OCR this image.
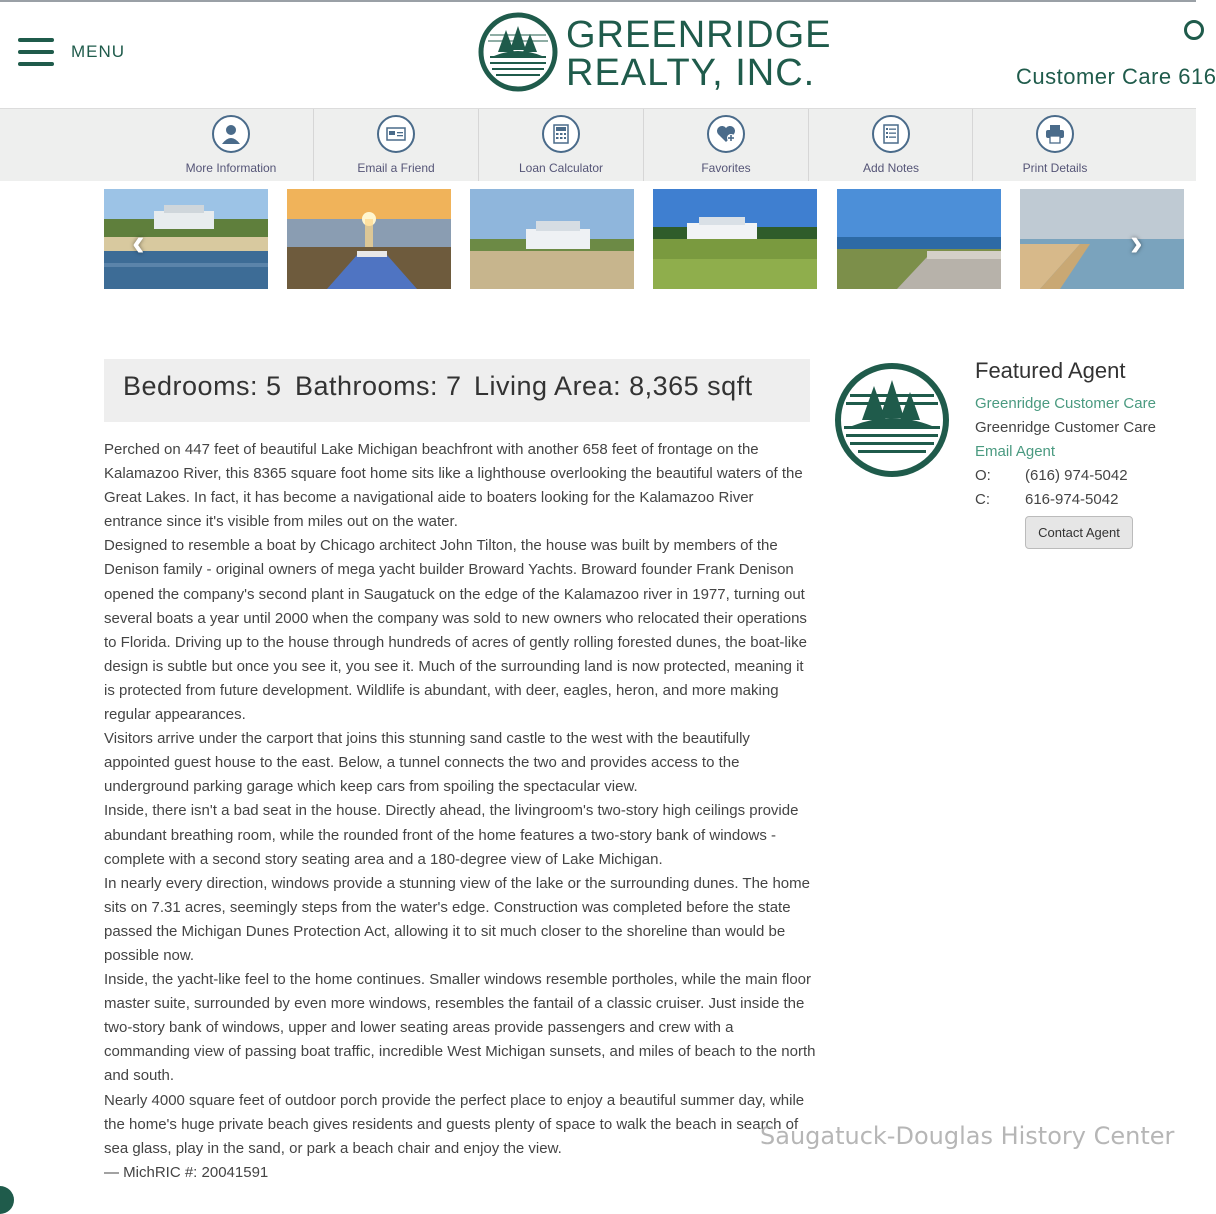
MENU	GREENRIDGE
REALTY, INC.	Customer Care 616
More Information	Email a Friend	Loan Calculator	Favorites	Add Notes	Print Details
‹	›
Bedrooms: 5 Bathrooms: 7 Living Area: 8,365 sqft

Perched on 447 feet of beautiful Lake Michigan beachfront with another 658 feet of frontage on the Kalamazoo River, this 8365 square foot home sits like a lighthouse overlooking the beautiful waters of the Great Lakes. In fact, it has become a navigational aide to boaters looking for the Kalamazoo River entrance since it's visible from miles out on the water.

Designed to resemble a boat by Chicago architect John Tilton, the house was built by members of the Denison family - original owners of mega yacht builder Broward Yachts. Broward founder Frank Denison opened the company's second plant in Saugatuck on the edge of the Kalamazoo river in 1977, turning out several boats a year until 2000 when the company was sold to new owners who relocated their operations to Florida. Driving up to the house through hundreds of acres of gently rolling forested dunes, the boat-like design is subtle but once you see it, you see it. Much of the surrounding land is now protected, meaning it is protected from future development. Wildlife is abundant, with deer, eagles, heron, and more making regular appearances.

Visitors arrive under the carport that joins this stunning sand castle to the west with the beautifully appointed guest house to the east. Below, a tunnel connects the two and provides access to the underground parking garage which keep cars from spoiling the spectacular view.

Inside, there isn't a bad seat in the house. Directly ahead, the livingroom's two-story high ceilings provide abundant breathing room, while the rounded front of the home features a two-story bank of windows - complete with a second story seating area and a 180-degree view of Lake Michigan.

In nearly every direction, windows provide a stunning view of the lake or the surrounding dunes. The home sits on 7.31 acres, seemingly steps from the water's edge. Construction was completed before the state passed the Michigan Dunes Protection Act, allowing it to sit much closer to the shoreline than would be possible now.

Inside, the yacht-like feel to the home continues. Smaller windows resemble portholes, while the main floor master suite, surrounded by even more windows, resembles the fantail of a classic cruiser. Just inside the two-story bank of windows, upper and lower seating areas provide passengers and crew with a commanding view of passing boat traffic, incredible West Michigan sunsets, and miles of beach to the north and south.

Nearly 4000 square feet of outdoor porch provide the perfect place to enjoy a beautiful summer day, while the home's huge private beach gives residents and guests plenty of space to walk the beach in search of sea glass, play in the sand, or park a beach chair and enjoy the view.

— MichRIC #: 20041591

Featured Agent
Greenridge Customer Care
Greenridge Customer Care
Email Agent
O: (616) 974-5042
C: 616-974-5042
Contact Agent
Saugatuck-Douglas History Center
